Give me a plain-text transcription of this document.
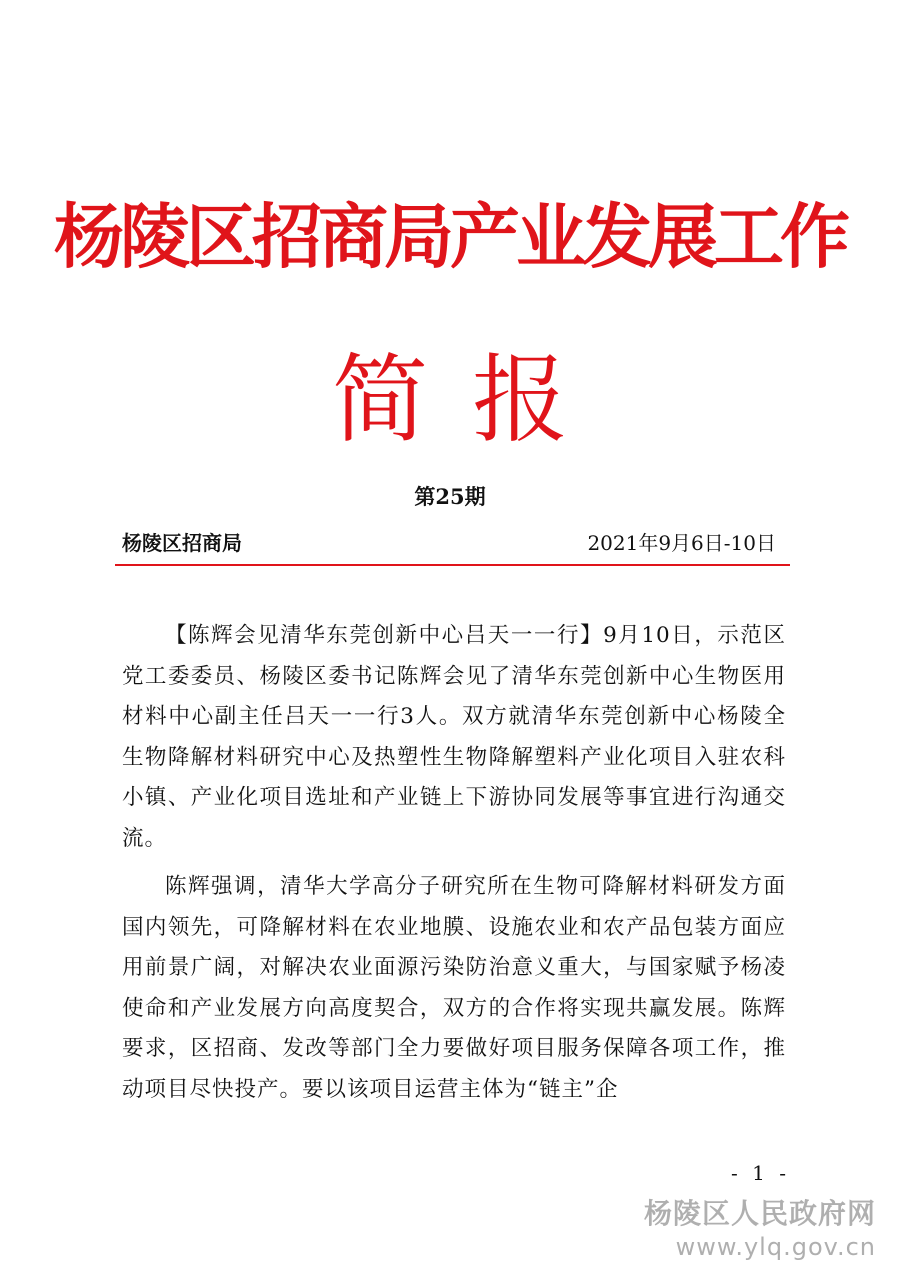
杨陵区招商局产业发展工作
简报
第25期
杨陵区招商局	2021年9月6日-10日

【陈辉会见清华东莞创新中心吕天一一行】9月10日，示范区党工委委员、杨陵区委书记陈辉会见了清华东莞创新中心生物医用材料中心副主任吕天一一行3人。双方就清华东莞创新中心杨陵全生物降解材料研究中心及热塑性生物降解塑料产业化项目入驻农科小镇、产业化项目选址和产业链上下游协同发展等事宜进行沟通交流。

陈辉强调，清华大学高分子研究所在生物可降解材料研发方面国内领先，可降解材料在农业地膜、设施农业和农产品包装方面应用前景广阔，对解决农业面源污染防治意义重大，与国家赋予杨凌使命和产业发展方向高度契合，双方的合作将实现共赢发展。陈辉要求，区招商、发改等部门全力要做好项目服务保障各项工作，推动项目尽快投产。要以该项目运营主体为“链主”企

- 1 -
杨陵区人民政府网
www.ylq.gov.cn
